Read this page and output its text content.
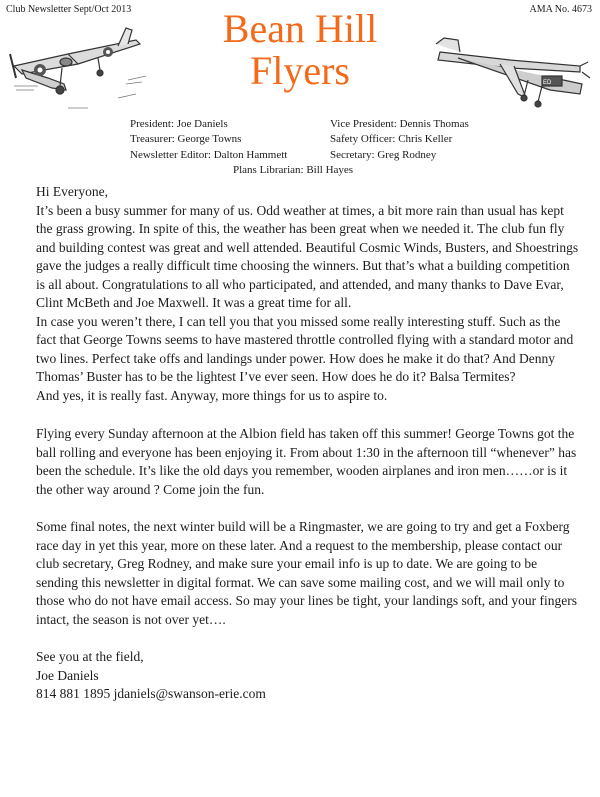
Club Newsletter Sept/Oct 2013	AMA No. 4673
Bean Hill
Flyers	ED
President: Joe Daniels	Vice President: Dennis Thomas
Treasurer: George Towns	Safety Officer: Chris Keller
Newsletter Editor: Dalton Hammett	Secretary: Greg Rodney
Plans Librarian: Bill Hayes

Hi Everyone,

It’s been a busy summer for many of us. Odd weather at times, a bit more rain than usual has kept the grass growing. In spite of this, the weather has been great when we needed it. The club fun fly and building contest was great and well attended. Beautiful Cosmic Winds, Busters, and Shoestrings gave the judges a really difficult time choosing the winners. But that’s what a building competition is all about. Congratulations to all who participated, and attended, and many thanks to Dave Evar, Clint McBeth and Joe Maxwell. It was a great time for all.

In case you weren’t there, I can tell you that you missed some really interesting stuff. Such as the fact that George Towns seems to have mastered throttle controlled flying with a standard motor and two lines. Perfect take offs and landings under power. How does he make it do that? And Denny Thomas’ Buster has to be the lightest I’ve ever seen. How does he do it? Balsa Termites?

And yes, it is really fast. Anyway, more things for us to aspire to.

Flying every Sunday afternoon at the Albion field has taken off this summer! George Towns got the ball rolling and everyone has been enjoying it. From about 1:30 in the afternoon till “whenever” has been the schedule. It’s like the old days you remember, wooden airplanes and iron men……or is it the other way around ? Come join the fun.

Some final notes, the next winter build will be a Ringmaster, we are going to try and get a Foxberg race day in yet this year, more on these later. And a request to the membership, please contact our club secretary, Greg Rodney, and make sure your email info is up to date. We are going to be sending this newsletter in digital format. We can save some mailing cost, and we will mail only to those who do not have email access. So may your lines be tight, your landings soft, and your fingers intact, the season is not over yet….

See you at the field,

Joe Daniels

814 881 1895 jdaniels@swanson-erie.com
